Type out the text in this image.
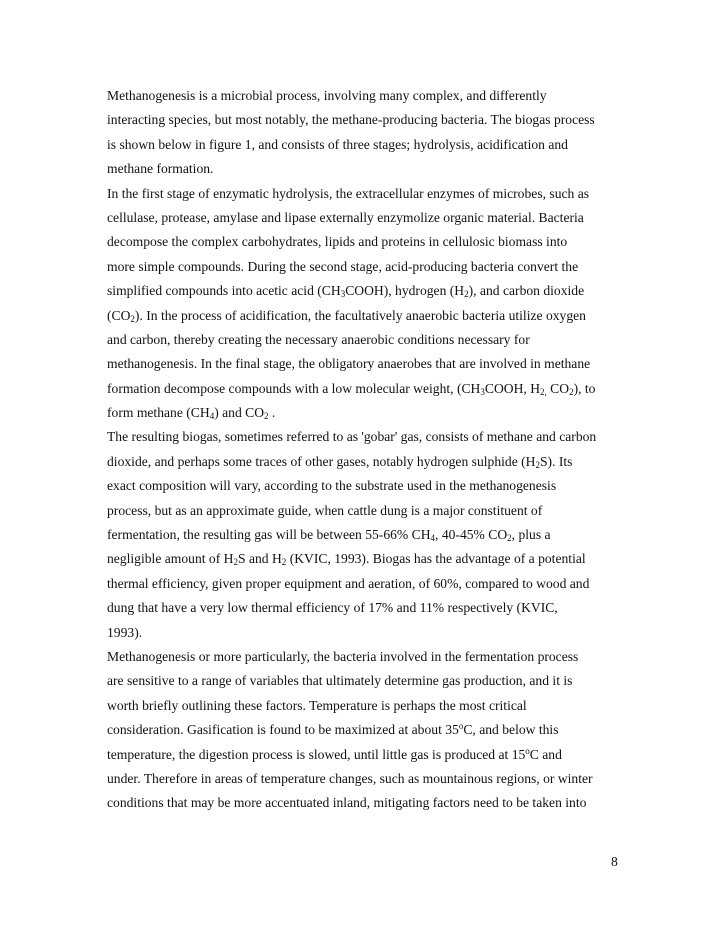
Methanogenesis is a microbial process, involving many complex, and differently
interacting species, but most notably, the methane-producing bacteria. The biogas process
is shown below in figure 1, and consists of three stages; hydrolysis, acidification and
methane formation.
In the first stage of enzymatic hydrolysis, the extracellular enzymes of microbes, such as
cellulase, protease, amylase and lipase externally enzymolize organic material. Bacteria
decompose the complex carbohydrates, lipids and proteins in cellulosic biomass into
more simple compounds. During the second stage, acid-producing bacteria convert the
simplified compounds into acetic acid $(CH_3COOH)$, hydrogen $(H_2)$, and carbon dioxide
$(CO_2)$. In the process of acidification, the facultatively anaerobic bacteria utilize oxygen
and carbon, thereby creating the necessary anaerobic conditions necessary for
methanogenesis. In the final stage, the obligatory anaerobes that are involved in methane
formation decompose compounds with a low molecular weight, ($CH_3COOH$, $H_{2,}$ $CO_2$), to
form methane $(CH_4)$ and $CO_2$ .
The resulting biogas, sometimes referred to as 'gobar' gas, consists of methane and carbon
dioxide, and perhaps some traces of other gases, notably hydrogen sulphide $(H_2S)$. Its
exact composition will vary, according to the substrate used in the methanogenesis
process, but as an approximate guide, when cattle dung is a major constituent of
fermentation, the resulting gas will be between 55-66% $CH_4$, 40-45% $CO_2$, plus a
negligible amount of $H_2S$ and $H_2$ (KVIC, 1993). Biogas has the advantage of a potential
thermal efficiency, given proper equipment and aeration, of 60%, compared to wood and
dung that have a very low thermal efficiency of 17% and 11% respectively (KVIC,
1993).
Methanogenesis or more particularly, the bacteria involved in the fermentation process
are sensitive to a range of variables that ultimately determine gas production, and it is
worth briefly outlining these factors. Temperature is perhaps the most critical
consideration. Gasification is found to be maximized at about 35$^o$C, and below this
temperature, the digestion process is slowed, until little gas is produced at 15$^o$C and
under. Therefore in areas of temperature changes, such as mountainous regions, or winter
conditions that may be more accentuated inland, mitigating factors need to be taken into
8
